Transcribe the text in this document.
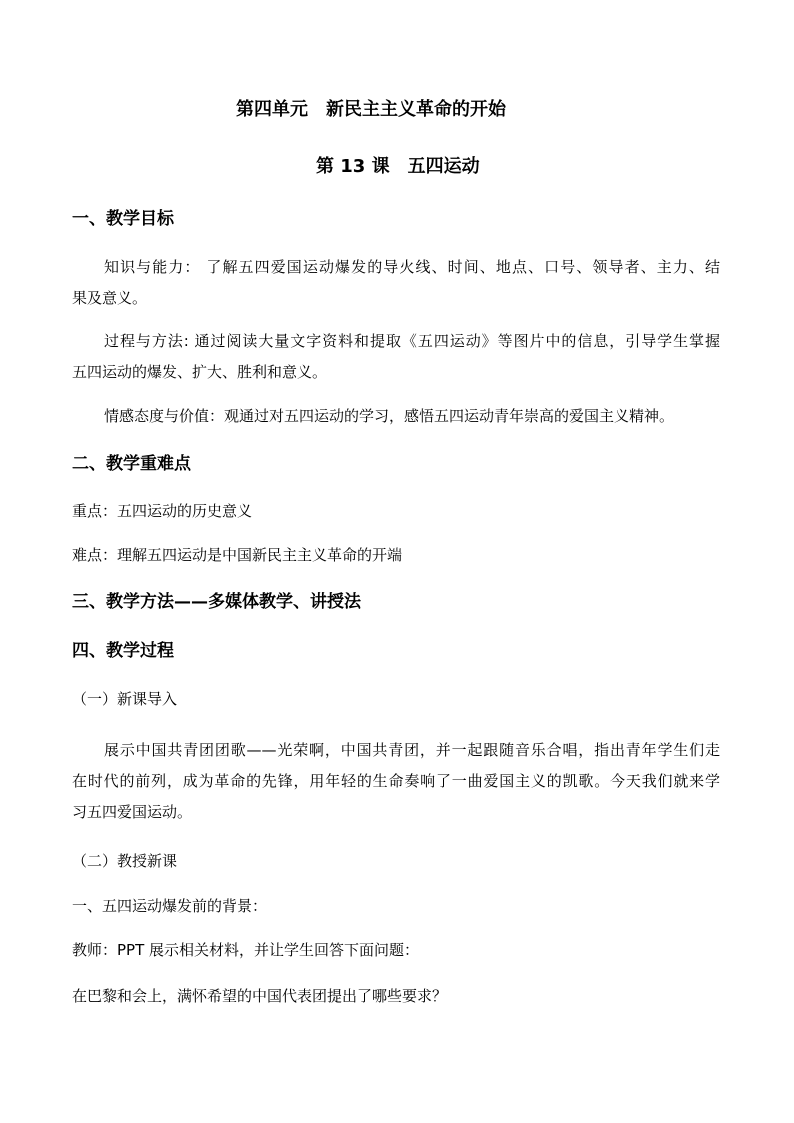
第四单元　新民主主义革命的开始
第 13 课　五四运动
一、教学目标
知识与能力： 了解五四爱国运动爆发的导火线、时间、地点、口号、领导者、主力、结
果及意义。
过程与方法: 通过阅读大量文字资料和提取《五四运动》等图片中的信息，引导学生掌握
五四运动的爆发、扩大、胜利和意义。
情感态度与价值：观通过对五四运动的学习，感悟五四运动青年崇高的爱国主义精神。
二、教学重难点
重点：五四运动的历史意义
难点：理解五四运动是中国新民主主义革命的开端
三、教学方法——多媒体教学、讲授法
四、教学过程
（一）新课导入
展示中国共青团团歌——光荣啊，中国共青团，并一起跟随音乐合唱，指出青年学生们走
在时代的前列，成为革命的先锋，用年轻的生命奏响了一曲爱国主义的凯歌。今天我们就来学
习五四爱国运动。
（二）教授新课
一、五四运动爆发前的背景：
教师：PPT 展示相关材料，并让学生回答下面问题：
在巴黎和会上，满怀希望的中国代表团提出了哪些要求？
